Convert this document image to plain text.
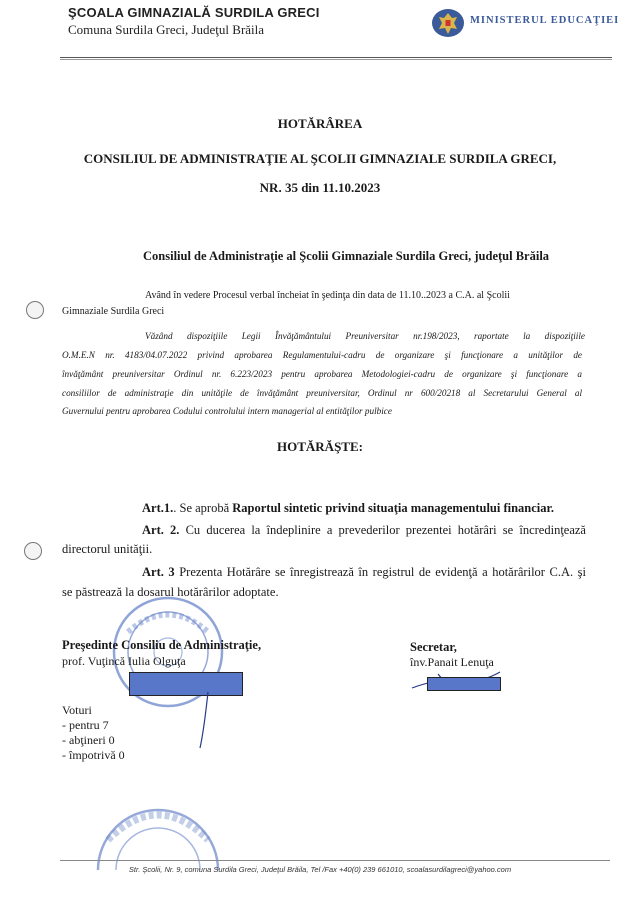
ŞCOALA GIMNAZIALĂ SURDILA GRECI
Comuna Surdila Greci, Judeţul Brăila
MINISTERUL EDUCAŢIEI
HOTĂRÂREA
CONSILIUL DE ADMINISTRAŢIE AL ŞCOLII GIMNAZIALE SURDILA GRECI,
NR. 35 din 11.10.2023
Consiliul de Administraţie al Şcolii Gimnaziale Surdila Greci, judeţul Brăila
Având în vedere Procesul verbal încheiat în şedinţa din data de 11.10..2023 a C.A. al Şcolii
Gimnaziale Surdila Greci
Văzând dispoziţiile Legii Învăţământului Preuniversitar nr.198/2023, raportate la dispoziţiile
O.M.E.N nr. 4183/04.07.2022 privind aprobarea Regulamentului-cadru de organizare şi funcţionare a unităţilor de
învăţământ preuniversitar Ordinul nr. 6.223/2023 pentru aprobarea Metodologiei-cadru de organizare şi funcţionare a
consiliilor de administraţie din unităţile de învăţământ preuniversitar, Ordinul nr 600/20218 al Secretarului General al
Guvernului pentru aprobarea Codului controlului intern managerial al entităţilor pulbice
HOTĂRĂŞTE:
Art.1.. Se aprobă Raportul sintetic privind situaţia managementului financiar.
Art. 2. Cu ducerea la îndeplinire a prevederilor prezentei hotărâri se încredinţează
directorul unităţii.
Art. 3 Prezenta Hotărâre se înregistrează în registrul de evidenţă a hotărârilor C.A. şi
se păstrează la dosarul hotărârilor adoptate.
Preşedinte Consiliu de Administraţie,
prof. Vuţincă Iulia Olguţa
Secretar,
înv.Panait Lenuţa
Voturi
- pentru 7
- abţineri 0
- împotrivă 0
Str. Şcolii, Nr. 9, comuna Surdila Greci, Judeţul Brăila, Tel /Fax +40(0) 239 661010, scoalasurdilagreci@yahoo.com
